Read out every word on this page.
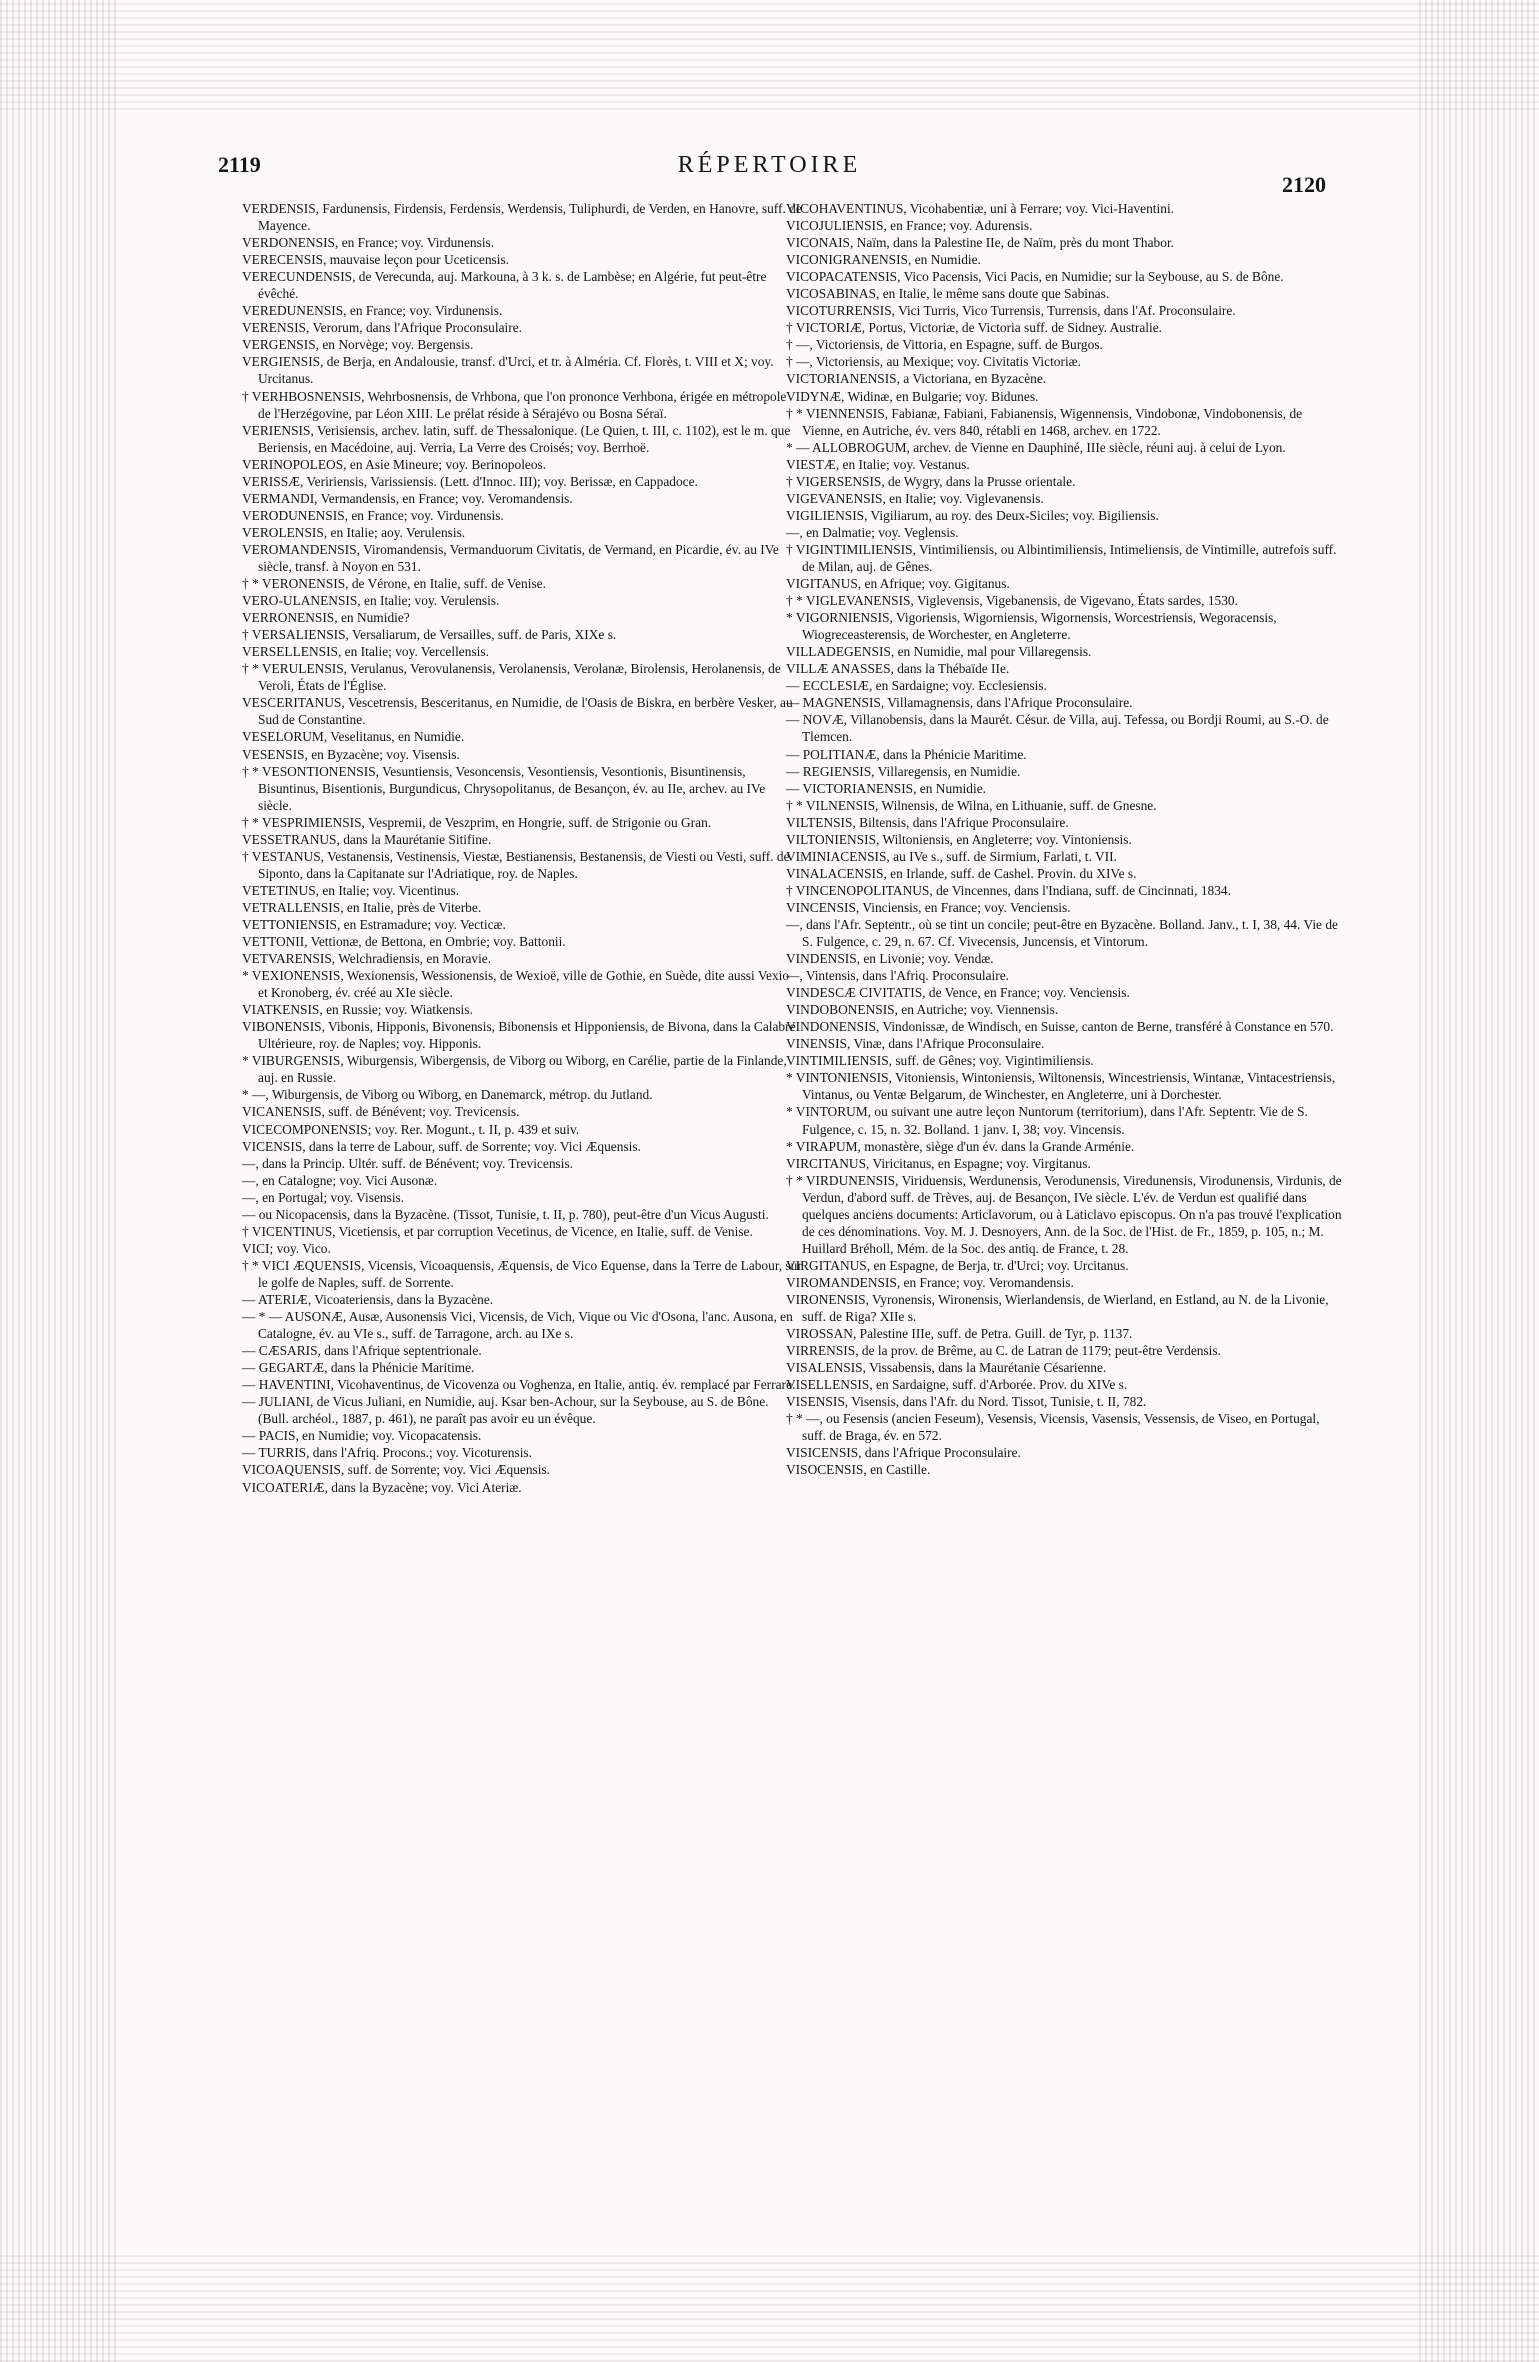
2119	RÉPERTOIRE
2120

VERDENSIS, Fardunensis, Firdensis, Ferdensis, Werdensis, Tuliphurdi, de Verden, en Hanovre, suff. de Mayence.

VERDONENSIS, en France; voy. Virdunensis.

VERECENSIS, mauvaise leçon pour Uceticensis.

VERECUNDENSIS, de Verecunda, auj. Markouna, à 3 k. s. de Lambèse; en Algérie, fut peut-être évêché.

VEREDUNENSIS, en France; voy. Virdunensis.

VERENSIS, Verorum, dans l'Afrique Proconsulaire.

VERGENSIS, en Norvège; voy. Bergensis.

VERGIENSIS, de Berja, en Andalousie, transf. d'Urci, et tr. à Alméria. Cf. Florès, t. VIII et X; voy. Urcitanus.

† VERHBOSNENSIS, Wehrbosnensis, de Vrhbona, que l'on prononce Verhbona, érigée en métropole de l'Herzégovine, par Léon XIII. Le prélat réside à Sérajévo ou Bosna Séraï.

VERIENSIS, Verisiensis, archev. latin, suff. de Thessalonique. (Le Quien, t. III, c. 1102), est le m. que Beriensis, en Macédoine, auj. Verria, La Verre des Croisés; voy. Berrhoë.

VERINOPOLEOS, en Asie Mineure; voy. Berinopoleos.

VERISSÆ, Veririensis, Varissiensis. (Lett. d'Innoc. III); voy. Berissæ, en Cappadoce.

VERMANDI, Vermandensis, en France; voy. Veromandensis.

VERODUNENSIS, en France; voy. Virdunensis.

VEROLENSIS, en Italie; aoy. Verulensis.

VEROMANDENSIS, Viromandensis, Vermanduorum Civitatis, de Vermand, en Picardie, év. au IVe siècle, transf. à Noyon en 531.

† * VERONENSIS, de Vérone, en Italie, suff. de Venise.

VERO-ULANENSIS, en Italie; voy. Verulensis.

VERRONENSIS, en Numidie?

† VERSALIENSIS, Versaliarum, de Versailles, suff. de Paris, XIXe s.

VERSELLENSIS, en Italie; voy. Vercellensis.

† * VERULENSIS, Verulanus, Verovulanensis, Verolanensis, Verolanæ, Birolensis, Herolanensis, de Veroli, États de l'Église.

VESCERITANUS, Vescetrensis, Besceritanus, en Numidie, de l'Oasis de Biskra, en berbère Vesker, au Sud de Constantine.

VESELORUM, Veselitanus, en Numidie.

VESENSIS, en Byzacène; voy. Visensis.

† * VESONTIONENSIS, Vesuntiensis, Vesoncensis, Vesontiensis, Vesontionis, Bisuntinensis, Bisuntinus, Bisentionis, Burgundicus, Chrysopolitanus, de Besançon, év. au IIe, archev. au IVe siècle.

† * VESPRIMIENSIS, Vespremii, de Veszprim, en Hongrie, suff. de Strigonie ou Gran.

VESSETRANUS, dans la Maurétanie Sitifine.

† VESTANUS, Vestanensis, Vestinensis, Viestæ, Bestianensis, Bestanensis, de Viesti ou Vesti, suff. de Siponto, dans la Capitanate sur l'Adriatique, roy. de Naples.

VETETINUS, en Italie; voy. Vicentinus.

VETRALLENSIS, en Italie, près de Viterbe.

VETTONIENSIS, en Estramadure; voy. Vecticæ.

VETTONII, Vettionæ, de Bettona, en Ombrie; voy. Battonii.

VETVARENSIS, Welchradiensis, en Moravie.

* VEXIONENSIS, Wexionensis, Wessionensis, de Wexioë, ville de Gothie, en Suède, dite aussi Vexio et Kronoberg, év. créé au XIe siècle.

VIATKENSIS, en Russie; voy. Wiatkensis.

VIBONENSIS, Vibonis, Hipponis, Bivonensis, Bibonensis et Hipponiensis, de Bivona, dans la Calabre Ultérieure, roy. de Naples; voy. Hipponis.

* VIBURGENSIS, Wiburgensis, Wibergensis, de Viborg ou Wiborg, en Carélie, partie de la Finlande, auj. en Russie.

* —, Wiburgensis, de Viborg ou Wiborg, en Danemarck, métrop. du Jutland.

VICANENSIS, suff. de Bénévent; voy. Trevicensis.

VICECOMPONENSIS; voy. Rer. Mogunt., t. II, p. 439 et suiv.

VICENSIS, dans la terre de Labour, suff. de Sorrente; voy. Vici Æquensis.

—, dans la Princip. Ultér. suff. de Bénévent; voy. Trevicensis.

—, en Catalogne; voy. Vici Ausonæ.

—, en Portugal; voy. Visensis.

— ou Nicopacensis, dans la Byzacène. (Tissot, Tunisie, t. II, p. 780), peut-être d'un Vicus Augusti.

† VICENTINUS, Vicetiensis, et par corruption Vecetinus, de Vicence, en Italie, suff. de Venise.

VICI; voy. Vico.

† * VICI ÆQUENSIS, Vicensis, Vicoaquensis, Æquensis, de Vico Equense, dans la Terre de Labour, sur le golfe de Naples, suff. de Sorrente.

— ATERIÆ, Vicoateriensis, dans la Byzacène.

— * — AUSONÆ, Ausæ, Ausonensis Vici, Vicensis, de Vich, Vique ou Vic d'Osona, l'anc. Ausona, en Catalogne, év. au VIe s., suff. de Tarragone, arch. au IXe s.

— CÆSARIS, dans l'Afrique septentrionale.

— GEGARTÆ, dans la Phénicie Maritime.

— HAVENTINI, Vicohaventinus, de Vicovenza ou Voghenza, en Italie, antiq. év. remplacé par Ferrare.

— JULIANI, de Vicus Juliani, en Numidie, auj. Ksar ben-Achour, sur la Seybouse, au S. de Bône. (Bull. archéol., 1887, p. 461), ne paraît pas avoir eu un évêque.

— PACIS, en Numidie; voy. Vicopacatensis.

— TURRIS, dans l'Afriq. Procons.; voy. Vicoturensis.

VICOAQUENSIS, suff. de Sorrente; voy. Vici Æquensis.

VICOATERIÆ, dans la Byzacène; voy. Vici Ateriæ.

VICOHAVENTINUS, Vicohabentiæ, uni à Ferrare; voy. Vici-Haventini.

VICOJULIENSIS, en France; voy. Adurensis.

VICONAIS, Naïm, dans la Palestine IIe, de Naïm, près du mont Thabor.

VICONIGRANENSIS, en Numidie.

VICOPACATENSIS, Vico Pacensis, Vici Pacis, en Numidie; sur la Seybouse, au S. de Bône.

VICOSABINAS, en Italie, le même sans doute que Sabinas.

VICOTURRENSIS, Vici Turris, Vico Turrensis, Turrensis, dans l'Af. Proconsulaire.

† VICTORIÆ, Portus, Victoriæ, de Victoria suff. de Sidney. Australie.

† —, Victoriensis, de Vittoria, en Espagne, suff. de Burgos.

† —, Victoriensis, au Mexique; voy. Civitatis Victoriæ.

VICTORIANENSIS, a Victoriana, en Byzacène.

VIDYNÆ, Widinæ, en Bulgarie; voy. Bidunes.

† * VIENNENSIS, Fabianæ, Fabiani, Fabianensis, Wigennensis, Vindobonæ, Vindobonensis, de Vienne, en Autriche, év. vers 840, rétabli en 1468, archev. en 1722.

* — ALLOBROGUM, archev. de Vienne en Dauphiné, IIIe siècle, réuni auj. à celui de Lyon.

VIESTÆ, en Italie; voy. Vestanus.

† VIGERSENSIS, de Wygry, dans la Prusse orientale.

VIGEVANENSIS, en Italie; voy. Viglevanensis.

VIGILIENSIS, Vigiliarum, au roy. des Deux-Siciles; voy. Bigiliensis.

—, en Dalmatie; voy. Veglensis.

† VIGINTIMILIENSIS, Vintimiliensis, ou Albintimiliensis, Intimeliensis, de Vintimille, autrefois suff. de Milan, auj. de Gênes.

VIGITANUS, en Afrique; voy. Gigitanus.

† * VIGLEVANENSIS, Viglevensis, Vigebanensis, de Vigevano, États sardes, 1530.

* VIGORNIENSIS, Vigoriensis, Wigorniensis, Wigornensis, Worcestriensis, Wegoracensis, Wiogreceasterensis, de Worchester, en Angleterre.

VILLADEGENSIS, en Numidie, mal pour Villaregensis.

VILLÆ ANASSES, dans la Thébaïde IIe.

— ECCLESIÆ, en Sardaigne; voy. Ecclesiensis.

— MAGNENSIS, Villamagnensis, dans l'Afrique Proconsulaire.

— NOVÆ, Villanobensis, dans la Maurét. Césur. de Villa, auj. Tefessa, ou Bordji Roumi, au S.-O. de Tlemcen.

— POLITIANÆ, dans la Phénicie Maritime.

— REGIENSIS, Villaregensis, en Numidie.

— VICTORIANENSIS, en Numidie.

† * VILNENSIS, Wilnensis, de Wilna, en Lithuanie, suff. de Gnesne.

VILTENSIS, Biltensis, dans l'Afrique Proconsulaire.

VILTONIENSIS, Wiltoniensis, en Angleterre; voy. Vintoniensis.

VIMINIACENSIS, au IVe s., suff. de Sirmium, Farlati, t. VII.

VINALACENSIS, en Irlande, suff. de Cashel. Provin. du XIVe s.

† VINCENOPOLITANUS, de Vincennes, dans l'Indiana, suff. de Cincinnati, 1834.

VINCENSIS, Vinciensis, en France; voy. Venciensis.

—, dans l'Afr. Septentr., où se tint un concile; peut-être en Byzacène. Bolland. Janv., t. I, 38, 44. Vie de S. Fulgence, c. 29, n. 67. Cf. Vivecensis, Juncensis, et Vintorum.

VINDENSIS, en Livonie; voy. Vendæ.

—, Vintensis, dans l'Afriq. Proconsulaire.

VINDESCÆ CIVITATIS, de Vence, en France; voy. Venciensis.

VINDOBONENSIS, en Autriche; voy. Viennensis.

VINDONENSIS, Vindonissæ, de Windisch, en Suisse, canton de Berne, transféré à Constance en 570.

VINENSIS, Vinæ, dans l'Afrique Proconsulaire.

VINTIMILIENSIS, suff. de Gênes; voy. Vigintimiliensis.

* VINTONIENSIS, Vitoniensis, Wintoniensis, Wiltonensis, Wincestriensis, Wintanæ, Vintacestriensis, Vintanus, ou Ventæ Belgarum, de Winchester, en Angleterre, uni à Dorchester.

* VINTORUM, ou suivant une autre leçon Nuntorum (territorium), dans l'Afr. Septentr. Vie de S. Fulgence, c. 15, n. 32. Bolland. 1 janv. I, 38; voy. Vincensis.

* VIRAPUM, monastère, siège d'un év. dans la Grande Arménie.

VIRCITANUS, Viricitanus, en Espagne; voy. Virgitanus.

† * VIRDUNENSIS, Viriduensis, Werdunensis, Verodunensis, Viredunensis, Virodunensis, Virdunis, de Verdun, d'abord suff. de Trèves, auj. de Besançon, IVe siècle. L'év. de Verdun est qualifié dans quelques anciens documents: Articlavorum, ou à Laticlavo episcopus. On n'a pas trouvé l'explication de ces dénominations. Voy. M. J. Desnoyers, Ann. de la Soc. de l'Hist. de Fr., 1859, p. 105, n.; M. Huillard Bréholl, Mém. de la Soc. des antiq. de France, t. 28.

VIRGITANUS, en Espagne, de Berja, tr. d'Urci; voy. Urcitanus.

VIROMANDENSIS, en France; voy. Veromandensis.

VIRONENSIS, Vyronensis, Wironensis, Wierlandensis, de Wierland, en Estland, au N. de la Livonie, suff. de Riga? XIIe s.

VIROSSAN, Palestine IIIe, suff. de Petra. Guill. de Tyr, p. 1137.

VIRRENSIS, de la prov. de Brême, au C. de Latran de 1179; peut-être Verdensis.

VISALENSIS, Vissabensis, dans la Maurétanie Césarienne.

VISELLENSIS, en Sardaigne, suff. d'Arborée. Prov. du XIVe s.

VISENSIS, Visensis, dans l'Afr. du Nord. Tissot, Tunisie, t. II, 782.

† * —, ou Fesensis (ancien Feseum), Vesensis, Vicensis, Vasensis, Vessensis, de Viseo, en Portugal, suff. de Braga, év. en 572.

VISICENSIS, dans l'Afrique Proconsulaire.

VISOCENSIS, en Castille.
